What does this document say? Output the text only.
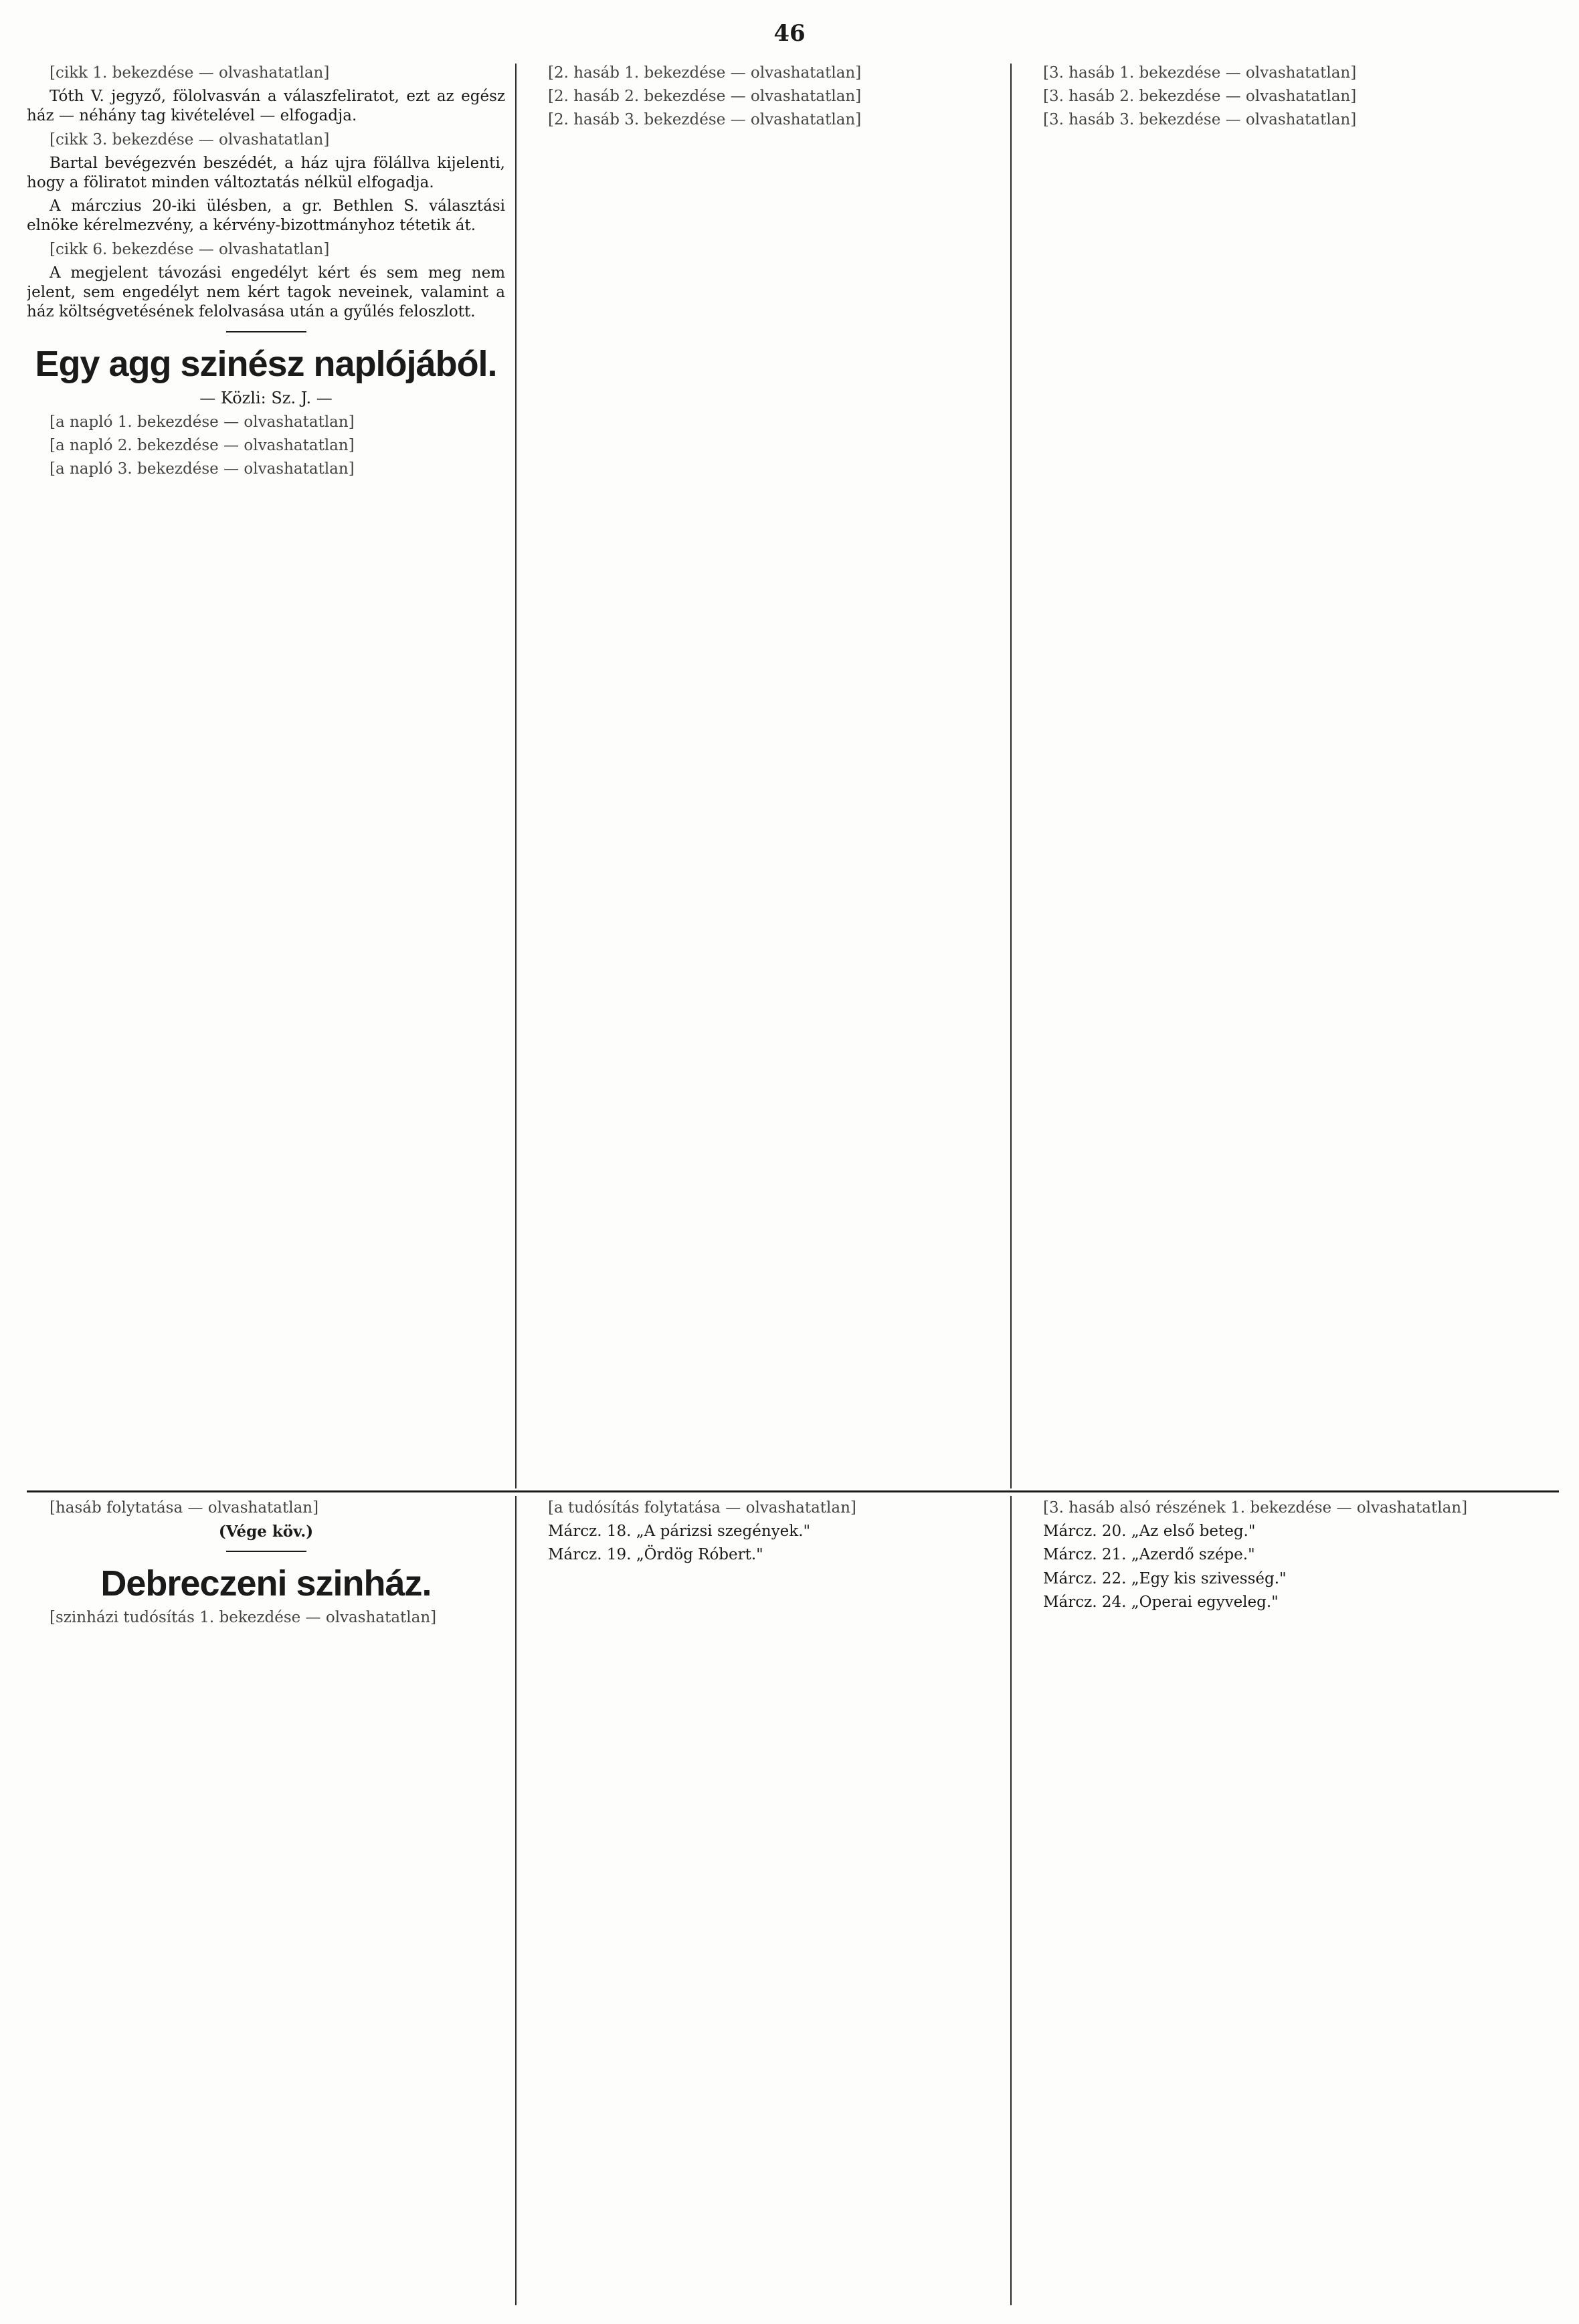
46

[cikk 1. bekezdése — olvashatatlan]

Tóth V. jegyző, fölolvasván a válaszfeliratot, ezt az egész ház — néhány tag kivételével — elfogadja.

[cikk 3. bekezdése — olvashatatlan]

Bartal bevégezvén beszédét, a ház ujra fölállva kijelenti, hogy a föliratot minden változtatás nélkül elfogadja.

A márczius 20-iki ülésben, a gr. Bethlen S. választási elnöke kérelmezvény, a kérvény-bizottmányhoz tétetik át.

[cikk 6. bekezdése — olvashatatlan]

A megjelent távozási engedélyt kért és sem meg nem jelent, sem engedélyt nem kért tagok neveinek, valamint a ház költségvetésének felolvasása után a gyűlés feloszlott.

Egy agg szinész naplójából.

— Közli: Sz. J. —

[a napló 1. bekezdése — olvashatatlan]

[a napló 2. bekezdése — olvashatatlan]

[a napló 3. bekezdése — olvashatatlan]

[2. hasáb 1. bekezdése — olvashatatlan]

[2. hasáb 2. bekezdése — olvashatatlan]

[2. hasáb 3. bekezdése — olvashatatlan]

[3. hasáb 1. bekezdése — olvashatatlan]

[3. hasáb 2. bekezdése — olvashatatlan]

[3. hasáb 3. bekezdése — olvashatatlan]

[hasáb folytatása — olvashatatlan]

(Vége köv.)

Debreczeni szinház.

[szinházi tudósítás 1. bekezdése — olvashatatlan]

[a tudósítás folytatása — olvashatatlan]

Márcz. 18. „A párizsi szegények."

Márcz. 19. „Ördög Róbert."

[3. hasáb alsó részének 1. bekezdése — olvashatatlan]

Márcz. 20. „Az első beteg."

Márcz. 21. „Azerdő szépe."

Márcz. 22. „Egy kis szivesség."

Márcz. 24. „Operai egyveleg."
